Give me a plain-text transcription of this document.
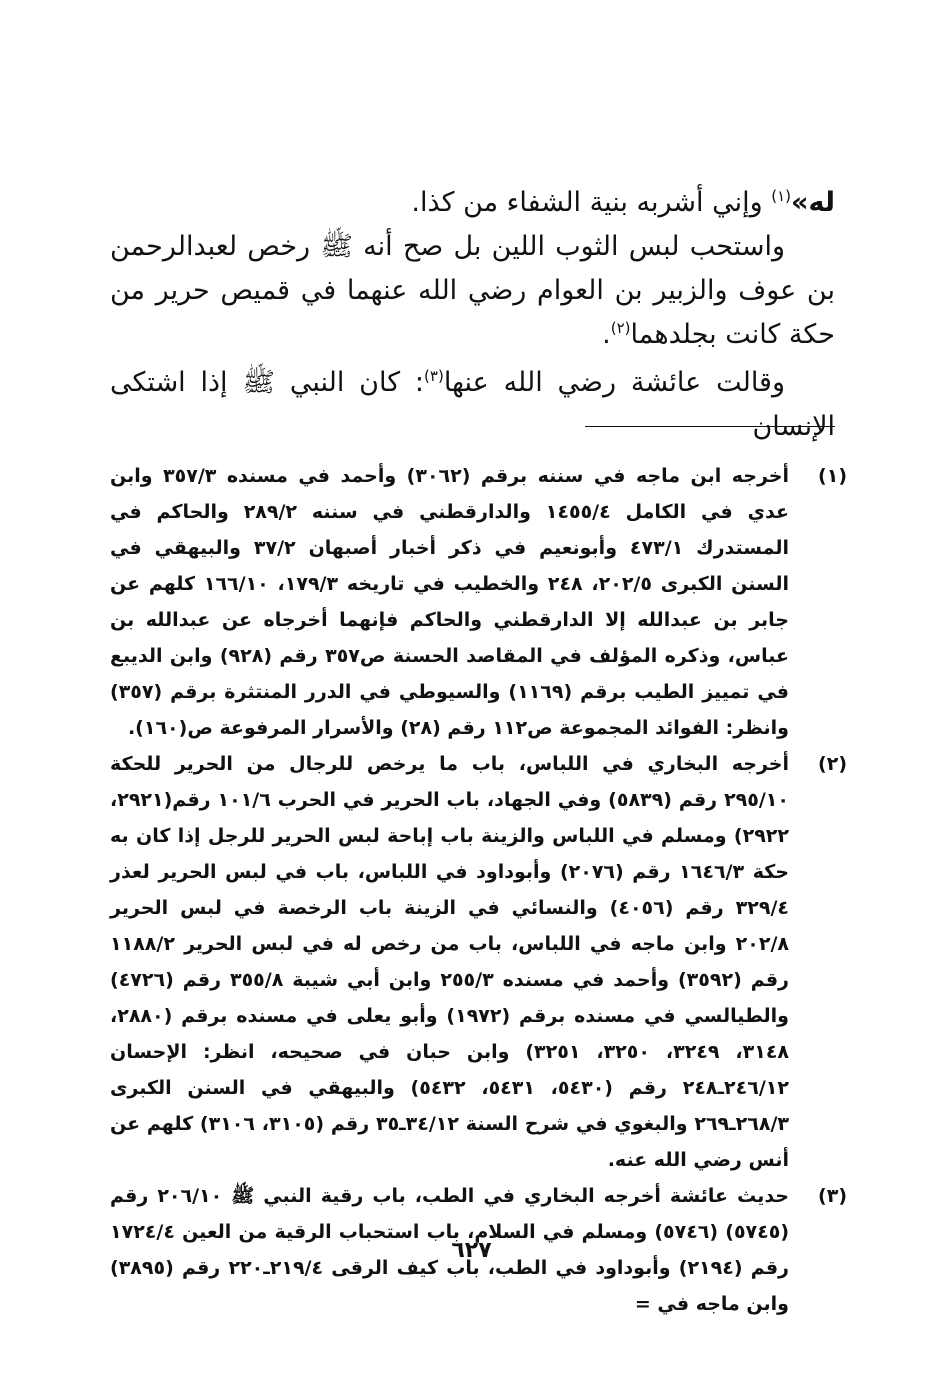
له»$^{(١)}$ وإني أشربه بنية الشفاء من كذا.

واستحب لبس الثوب اللين بل صح أنه ﷺ رخص لعبدالرحمن بن عوف والزبير بن العوام رضي الله عنهما في قميص حرير من حكة كانت بجلدهما$^{(٢)}$.

وقالت عائشة رضي الله عنها$^{(٣)}$: كان النبي ﷺ إذا اشتكى الإنسان

(١)
أخرجه ابن ماجه في سننه برقم (٣٠٦٢) وأحمد في مسنده ٣٥٧/٣ وابن عدي في الكامل ١٤٥٥/٤ والدارقطني في سننه ٢٨٩/٢ والحاكم في المستدرك ٤٧٣/١ وأبونعيم في ذكر أخبار أصبهان ٣٧/٢ والبيهقي في السنن الكبرى ٢٠٢/٥، ٢٤٨ والخطيب في تاريخه ١٧٩/٣، ١٦٦/١٠ كلهم عن جابر بن عبدالله إلا الدارقطني والحاكم فإنهما أخرجاه عن عبدالله بن عباس، وذكره المؤلف في المقاصد الحسنة ص٣٥٧ رقم (٩٢٨) وابن الديبع في تمييز الطيب برقم (١١٦٩) والسيوطي في الدرر المنتثرة برقم (٣٥٧) وانظر: الفوائد المجموعة ص١١٢ رقم (٢٨) والأسرار المرفوعة ص(١٦٠).

(٢)
أخرجه البخاري في اللباس، باب ما يرخص للرجال من الحرير للحكة ٢٩٥/١٠ رقم (٥٨٣٩) وفي الجهاد، باب الحرير في الحرب ١٠١/٦ رقم(٢٩٢١، ٢٩٢٢) ومسلم في اللباس والزينة باب إباحة لبس الحرير للرجل إذا كان به حكة ١٦٤٦/٣ رقم (٢٠٧٦) وأبوداود في اللباس، باب في لبس الحرير لعذر ٣٢٩/٤ رقم (٤٠٥٦) والنسائي في الزينة باب الرخصة في لبس الحرير ٢٠٢/٨ وابن ماجه في اللباس، باب من رخص له في لبس الحرير ١١٨٨/٢ رقم (٣٥٩٢) وأحمد في مسنده ٢٥٥/٣ وابن أبي شيبة ٣٥٥/٨ رقم (٤٧٢٦) والطيالسي في مسنده برقم (١٩٧٢) وأبو يعلى في مسنده برقم (٢٨٨٠، ٣١٤٨، ٣٢٤٩، ٣٢٥٠، ٣٢٥١) وابن حبان في صحيحه، انظر: الإحسان ٢٤٦/١٢ـ٢٤٨ رقم (٥٤٣٠، ٥٤٣١، ٥٤٣٢) والبيهقي في السنن الكبرى ٢٦٨/٣ـ٢٦٩ والبغوي في شرح السنة ٣٤/١٢ـ٣٥ رقم (٣١٠٥، ٣١٠٦) كلهم عن أنس رضي الله عنه.

(٣)
حديث عائشة أخرجه البخاري في الطب، باب رقية النبي ﷺ ٢٠٦/١٠ رقم (٥٧٤٥) (٥٧٤٦) ومسلم في السلام، باب استحباب الرقية من العين ١٧٢٤/٤ رقم (٢١٩٤) وأبوداود في الطب، باب كيف الرقى ٢١٩/٤ـ٢٢٠ رقم (٣٨٩٥) وابن ماجه في =

٦٢٧
